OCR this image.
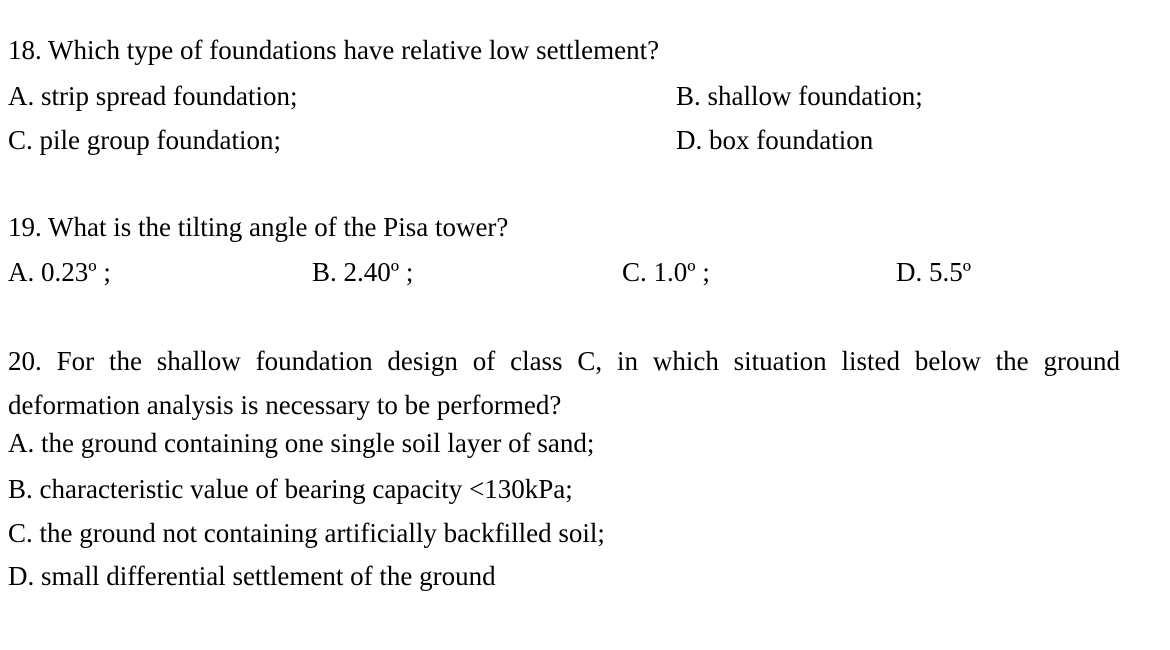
18. Which type of foundations have relative low settlement?
A. strip spread foundation;	B. shallow foundation;
C. pile group foundation;	D. box foundation
19. What is the tilting angle of the Pisa tower?
A. 0.23º ;	B. 2.40º ;	C. 1.0º ;	D. 5.5º
20. For the shallow foundation design of class C, in which situation listed below the ground deformation analysis is necessary to be performed?
A. the ground containing one single soil layer of sand;
B. characteristic value of bearing capacity <130kPa;
C. the ground not containing artificially backfilled soil;
D. small differential settlement of the ground
